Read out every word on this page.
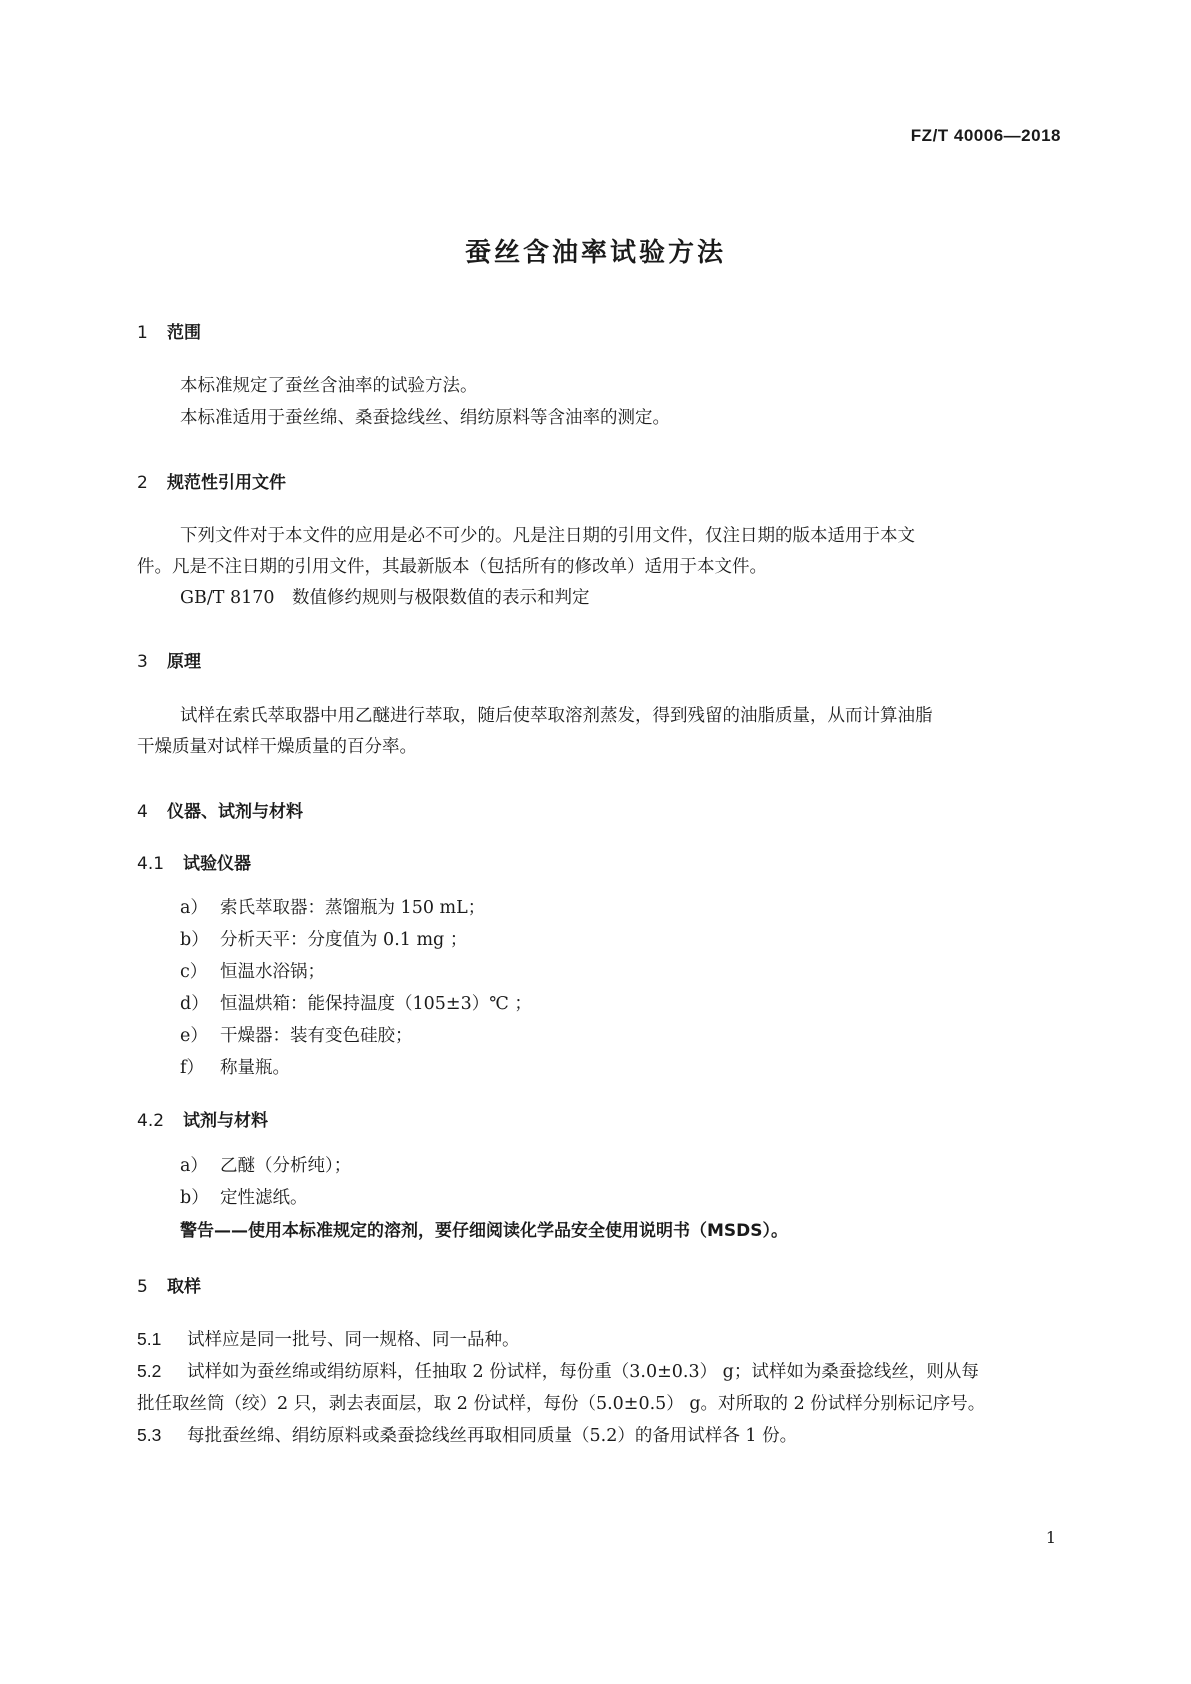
FZ/T 40006—2018
蚕丝含油率试验方法
1 范围
本标准规定了蚕丝含油率的试验方法。
本标准适用于蚕丝绵、桑蚕捻线丝、绢纺原料等含油率的测定。
2 规范性引用文件
下列文件对于本文件的应用是必不可少的。凡是注日期的引用文件，仅注日期的版本适用于本文
件。凡是不注日期的引用文件，其最新版本（包括所有的修改单）适用于本文件。
GB/T 8170　数值修约规则与极限数值的表示和判定
3 原理
试样在索氏萃取器中用乙醚进行萃取，随后使萃取溶剂蒸发，得到残留的油脂质量，从而计算油脂
干燥质量对试样干燥质量的百分率。
4 仪器、试剂与材料
4.1 试验仪器
a） 索氏萃取器：蒸馏瓶为 150 mL；
b） 分析天平：分度值为 0.1 mg ；
c） 恒温水浴锅；
d） 恒温烘箱：能保持温度（105±3）℃ ；
e） 干燥器：装有变色硅胶；
f） 称量瓶。
4.2 试剂与材料
a） 乙醚（分析纯）；
b） 定性滤纸。
警告——使用本标准规定的溶剂，要仔细阅读化学品安全使用说明书（MSDS）。
5 取样
5.1 试样应是同一批号、同一规格、同一品种。
5.2 试样如为蚕丝绵或绢纺原料，任抽取 2 份试样，每份重（3.0±0.3） g；试样如为桑蚕捻线丝，则从每
批任取丝筒（绞）2 只，剥去表面层，取 2 份试样，每份（5.0±0.5） g。对所取的 2 份试样分别标记序号。
5.3 每批蚕丝绵、绢纺原料或桑蚕捻线丝再取相同质量（5.2）的备用试样各 1 份。
1
